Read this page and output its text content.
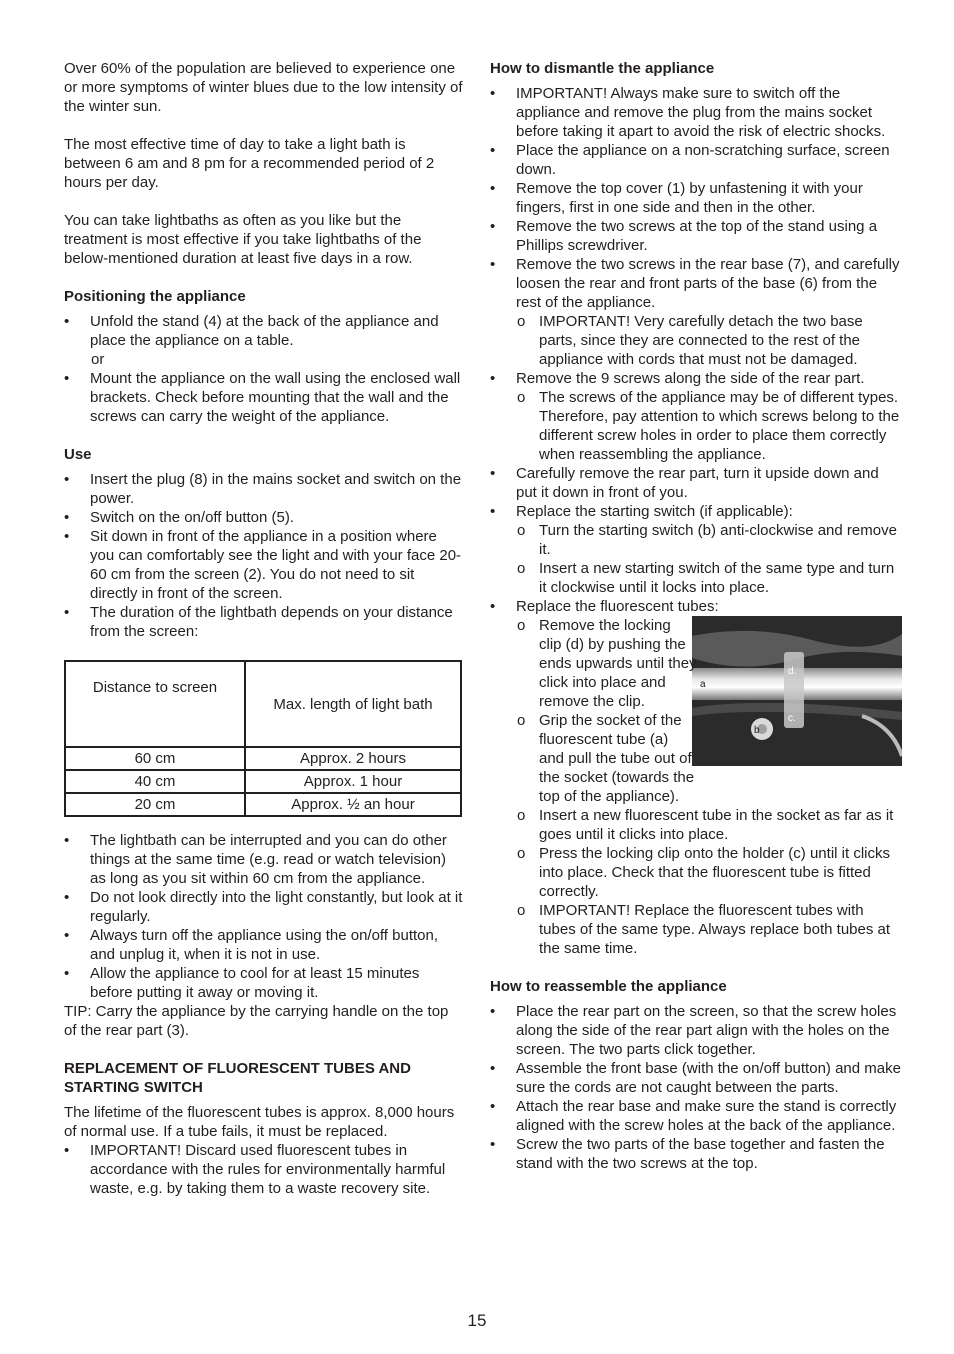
Over 60% of the population are believed to experience one or more symptoms of winter blues due to the low intensity of the winter sun.

The most effective time of day to take a light bath is between 6 am and 8 pm for a recommended period of 2 hours per day.

You can take lightbaths as often as you like but the treatment is most effective if you take lightbaths of the below-mentioned duration at least five days in a row.

Positioning the appliance
• Unfold the stand (4) at the back of the appliance and place the appliance on a table.
or
• Mount the appliance on the wall using the enclosed wall brackets. Check before mounting that the wall and the screws can carry the weight of the appliance.
Use
• Insert the plug (8) in the mains socket and switch on the power.
• Switch on the on/off button (5).
• Sit down in front of the appliance in a position where you can comfortably see the light and with your face 20-60 cm from the screen (2). You do not need to sit directly in front of the screen.
• The duration of the lightbath depends on your distance from the screen:
Distance to screen	Max. length of light bath
60 cm	Approx. 2 hours
40 cm	Approx. 1 hour
20 cm	Approx. ½ an hour
• The lightbath can be interrupted and you can do other things at the same time (e.g. read or watch television) as long as you sit within 60 cm from the appliance.
• Do not look directly into the light constantly, but look at it regularly.
• Always turn off the appliance using the on/off button, and unplug it, when it is not in use.
• Allow the appliance to cool for at least 15 minutes before putting it away or moving it.

TIP: Carry the appliance by the carrying handle on the top of the rear part (3).

REPLACEMENT OF FLUORESCENT TUBES AND STARTING SWITCH

The lifetime of the fluorescent tubes is approx. 8,000 hours of normal use. If a tube fails, it must be replaced.

• IMPORTANT! Discard used fluorescent tubes in accordance with the rules for environmentally harmful waste, e.g. by taking them to a waste recovery site.
How to dismantle the appliance
• IMPORTANT! Always make sure to switch off the appliance and remove the plug from the mains socket before taking it apart to avoid the risk of electric shocks.
• Place the appliance on a non-scratching surface, screen down.
• Remove the top cover (1) by unfastening it with your fingers, first in one side and then in the other.
• Remove the two screws at the top of the stand using a Phillips screwdriver.
• Remove the two screws in the rear base (7), and carefully loosen the rear and front parts of the base (6) from the rest of the appliance.
o IMPORTANT! Very carefully detach the two base parts, since they are connected to the rest of the appliance with cords that must not be damaged.
• Remove the 9 screws along the side of the rear part.
o The screws of the appliance may be of different types. Therefore, pay attention to which screws belong to the different screw holes in order to place them correctly when reassembling the appliance.
• Carefully remove the rear part, turn it upside down and put it down in front of you.
• Replace the starting switch (if applicable):
o Turn the starting switch (b) anti-clockwise and remove it.
o Insert a new starting switch of the same type and turn it clockwise until it locks into place.
• Replace the fluorescent tubes:
a
b
c.
d.
o Remove the locking clip (d) by pushing the ends upwards until they click into place and remove the clip.
o Grip the socket of the fluorescent tube (a) and pull the tube out of the socket (towards the top of the appliance).
o Insert a new fluorescent tube in the socket as far as it goes until it clicks into place.
o Press the locking clip onto the holder (c) until it clicks into place. Check that the fluorescent tube is fitted correctly.
o IMPORTANT! Replace the fluorescent tubes with tubes of the same type. Always replace both tubes at the same time.
How to reassemble the appliance
• Place the rear part on the screen, so that the screw holes along the side of the rear part align with the holes on the screen. The two parts click together.
• Assemble the front base (with the on/off button) and make sure the cords are not caught between the parts.
• Attach the rear base and make sure the stand is correctly aligned with the screw holes at the back of the appliance.
• Screw the two parts of the base together and fasten the stand with the two screws at the top.
15
